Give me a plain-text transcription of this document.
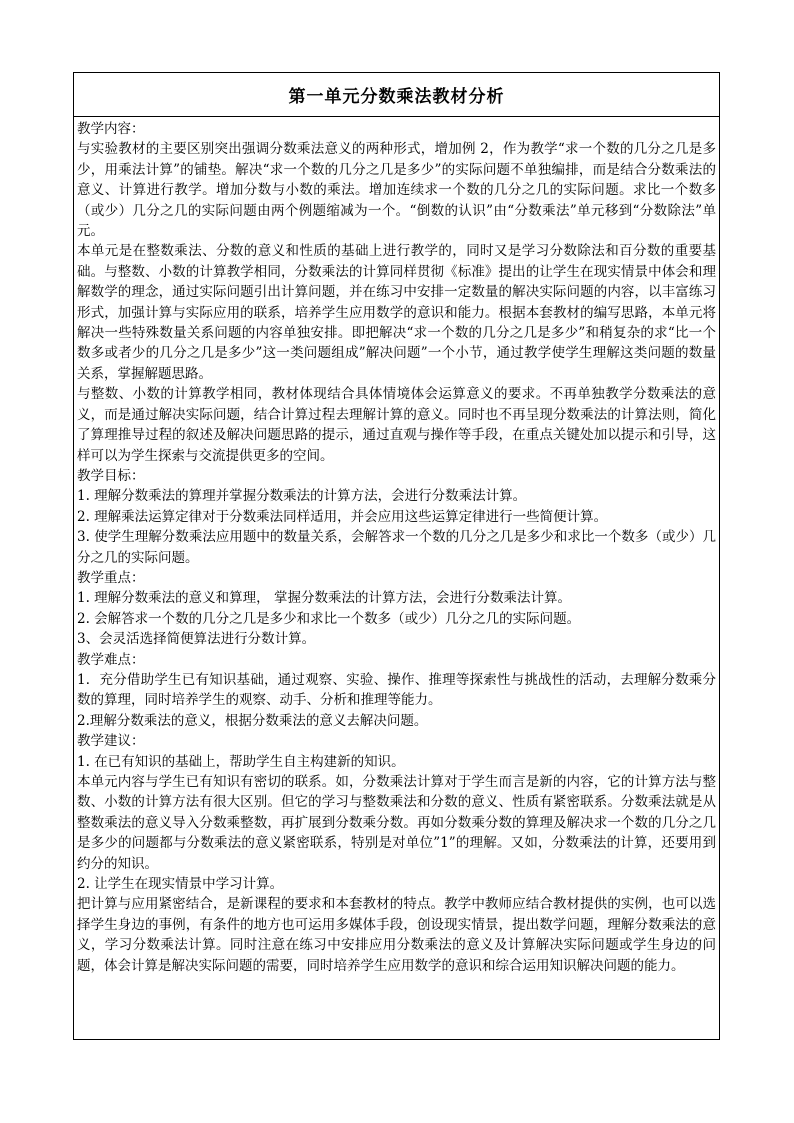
第一单元分数乘法教材分析

教学内容：

与实验教材的主要区别突出强调分数乘法意义的两种形式，增加例 2，作为教学“求一个数的几分之几是多少，用乘法计算”的铺垫。解决“求一个数的几分之几是多少”的实际问题不单独编排，而是结合分数乘法的意义、计算进行教学。增加分数与小数的乘法。增加连续求一个数的几分之几的实际问题。求比一个数多（或少）几分之几的实际问题由两个例题缩减为一个。“倒数的认识”由“分数乘法”单元移到“分数除法”单元。

本单元是在整数乘法、分数的意义和性质的基础上进行教学的，同时又是学习分数除法和百分数的重要基础。与整数、小数的计算教学相同，分数乘法的计算同样贯彻《标准》提出的让学生在现实情景中体会和理解数学的理念，通过实际问题引出计算问题，并在练习中安排一定数量的解决实际问题的内容，以丰富练习形式，加强计算与实际应用的联系，培养学生应用数学的意识和能力。根据本套教材的编写思路，本单元将解决一些特殊数量关系问题的内容单独安排。即把解决“求一个数的几分之几是多少”和稍复杂的求“比一个数多或者少的几分之几是多少”这一类问题组成”解决问题”一个小节，通过教学使学生理解这类问题的数量关系，掌握解题思路。

与整数、小数的计算教学相同，教材体现结合具体情境体会运算意义的要求。不再单独教学分数乘法的意义，而是通过解决实际问题，结合计算过程去理解计算的意义。同时也不再呈现分数乘法的计算法则，简化了算理推导过程的叙述及解决问题思路的提示，通过直观与操作等手段，在重点关键处加以提示和引导，这样可以为学生探索与交流提供更多的空间。

教学目标：

1. 理解分数乘法的算理并掌握分数乘法的计算方法，会进行分数乘法计算。

2. 理解乘法运算定律对于分数乘法同样适用，并会应用这些运算定律进行一些简便计算。

3. 使学生理解分数乘法应用题中的数量关系，会解答求一个数的几分之几是多少和求比一个数多（或少）几分之几的实际问题。

教学重点：

1. 理解分数乘法的意义和算理， 掌握分数乘法的计算方法，会进行分数乘法计算。

2. 会解答求一个数的几分之几是多少和求比一个数多（或少）几分之几的实际问题。

3、会灵活选择简便算法进行分数计算。

教学难点：

1．充分借助学生已有知识基础，通过观察、实验、操作、推理等探索性与挑战性的活动，去理解分数乘分数的算理，同时培养学生的观察、动手、分析和推理等能力。

2.理解分数乘法的意义，根据分数乘法的意义去解决问题。

教学建议：

1. 在已有知识的基础上，帮助学生自主构建新的知识。

本单元内容与学生已有知识有密切的联系。如，分数乘法计算对于学生而言是新的内容，它的计算方法与整数、小数的计算方法有很大区别。但它的学习与整数乘法和分数的意义、性质有紧密联系。分数乘法就是从整数乘法的意义导入分数乘整数，再扩展到分数乘分数。再如分数乘分数的算理及解决求一个数的几分之几是多少的问题都与分数乘法的意义紧密联系，特别是对单位”1”的理解。又如，分数乘法的计算，还要用到约分的知识。

2. 让学生在现实情景中学习计算。

把计算与应用紧密结合，是新课程的要求和本套教材的特点。教学中教师应结合教材提供的实例，也可以选择学生身边的事例，有条件的地方也可运用多媒体手段，创设现实情景，提出数学问题，理解分数乘法的意义，学习分数乘法计算。同时注意在练习中安排应用分数乘法的意义及计算解决实际问题或学生身边的问题，体会计算是解决实际问题的需要，同时培养学生应用数学的意识和综合运用知识解决问题的能力。
